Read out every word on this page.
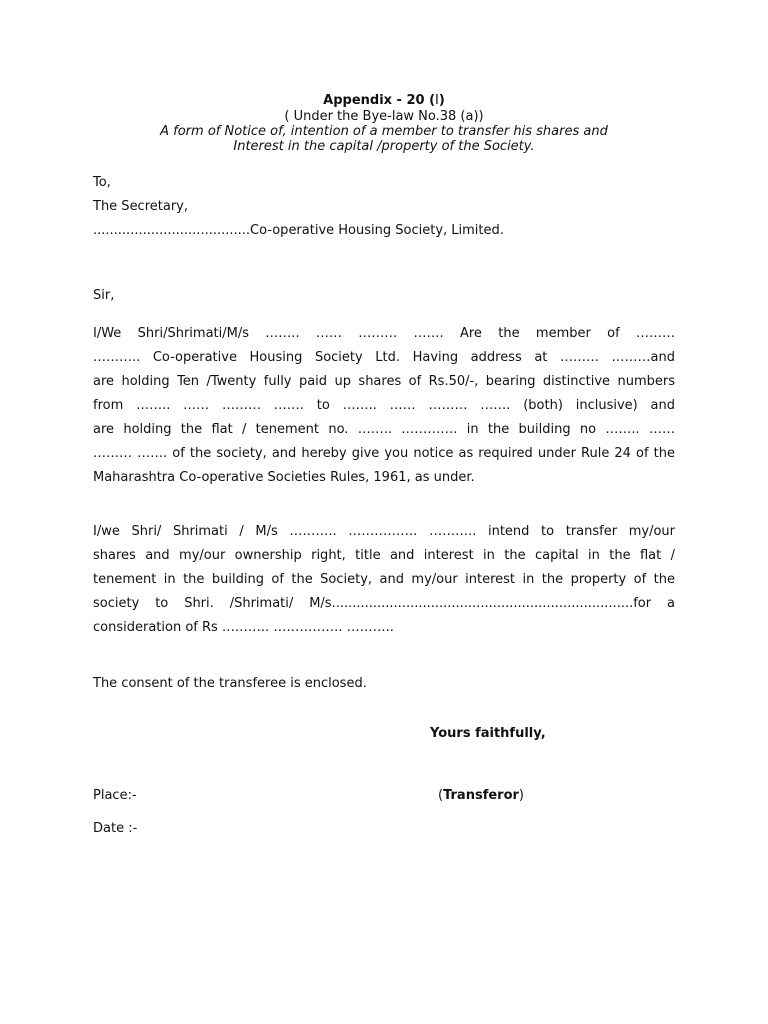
Appendix - 20 (I)
( Under the Bye-law No.38 (a))
A form of Notice of, intention of a member to transfer his shares and
Interest in the capital /property of the Society.
To,
The Secretary,
......................................Co-operative Housing Society, Limited.
Sir,
I/We Shri/Shrimati/M/s …….. …… ……… ……. Are the member of ………
……….. Co-operative Housing Society Ltd. Having address at ……… ………and
are holding Ten /Twenty fully paid up shares of Rs.50/-, bearing distinctive numbers
from …….. …… ……… ……. to …….. …… ……… ……. (both) inclusive) and
are holding the flat / tenement no. …….. …………. in the building no …….. ……
……… ……. of the society, and hereby give you notice as required under Rule 24 of the
Maharashtra Co-operative Societies Rules, 1961, as under.
I/we Shri/ Shrimati / M/s ……….. ……………. ……….. intend to transfer my/our
shares and my/our ownership right, title and interest in the capital in the flat /
tenement in the building of the Society, and my/our interest in the property of the
society to Shri. /Shrimati/ M/s.........................................................................for a
consideration of Rs ……….. ……………. ………..
The consent of the transferee is enclosed.
Yours faithfully,
Place:-	(Transferor)
Date :-
